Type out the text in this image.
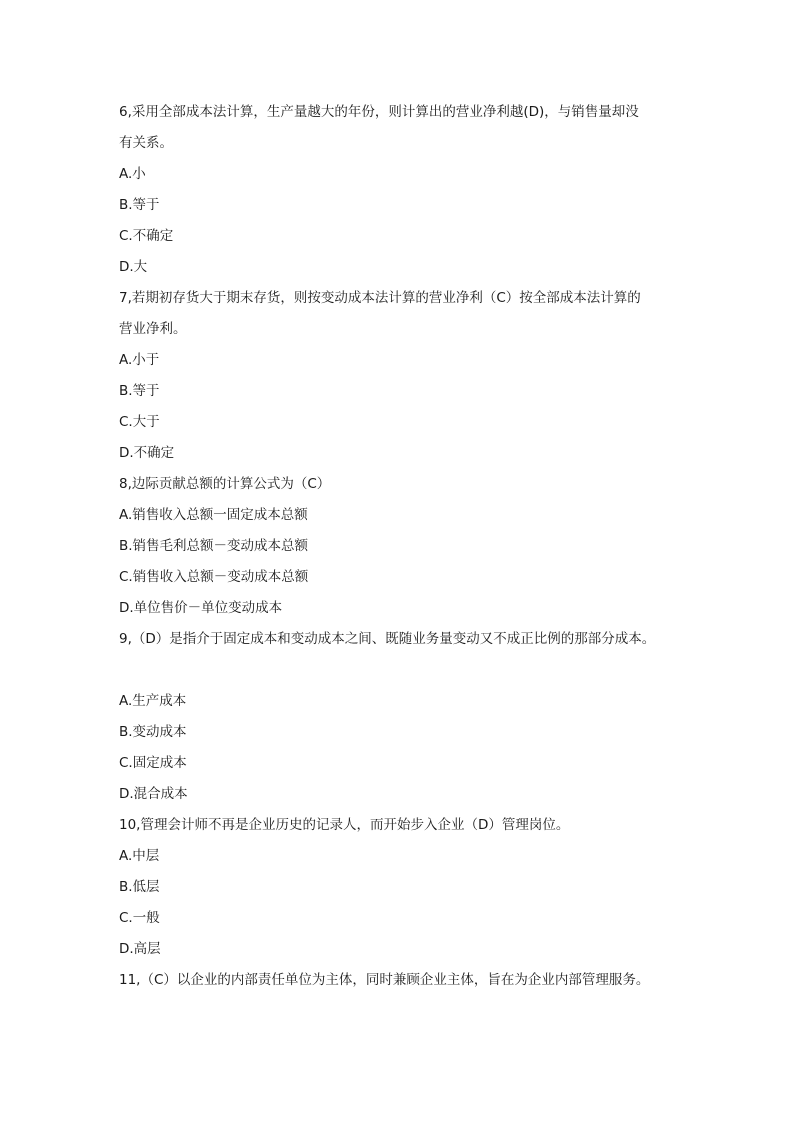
6,采用全部成本法计算，生产量越大的年份，则计算出的营业净利越(D)，与销售量却没
有关系。
A.小
B.等于
C.不确定
D.大
7,若期初存货大于期末存货，则按变动成本法计算的营业净利（C）按全部成本法计算的
营业净利。
A.小于
B.等于
C.大于
D.不确定
8,边际贡献总额的计算公式为（C）
A.销售收入总额一固定成本总额
B.销售毛利总额－变动成本总额
C.销售收入总额－变动成本总额
D.单位售价－单位变动成本
9,（D）是指介于固定成本和变动成本之间、既随业务量变动又不成正比例的那部分成本。
A.生产成本
B.变动成本
C.固定成本
D.混合成本
10,管理会计师不再是企业历史的记录人，而开始步入企业（D）管理岗位。
A.中层
B.低层
C.一般
D.高层
11,（C）以企业的内部责任单位为主体，同时兼顾企业主体，旨在为企业内部管理服务。
